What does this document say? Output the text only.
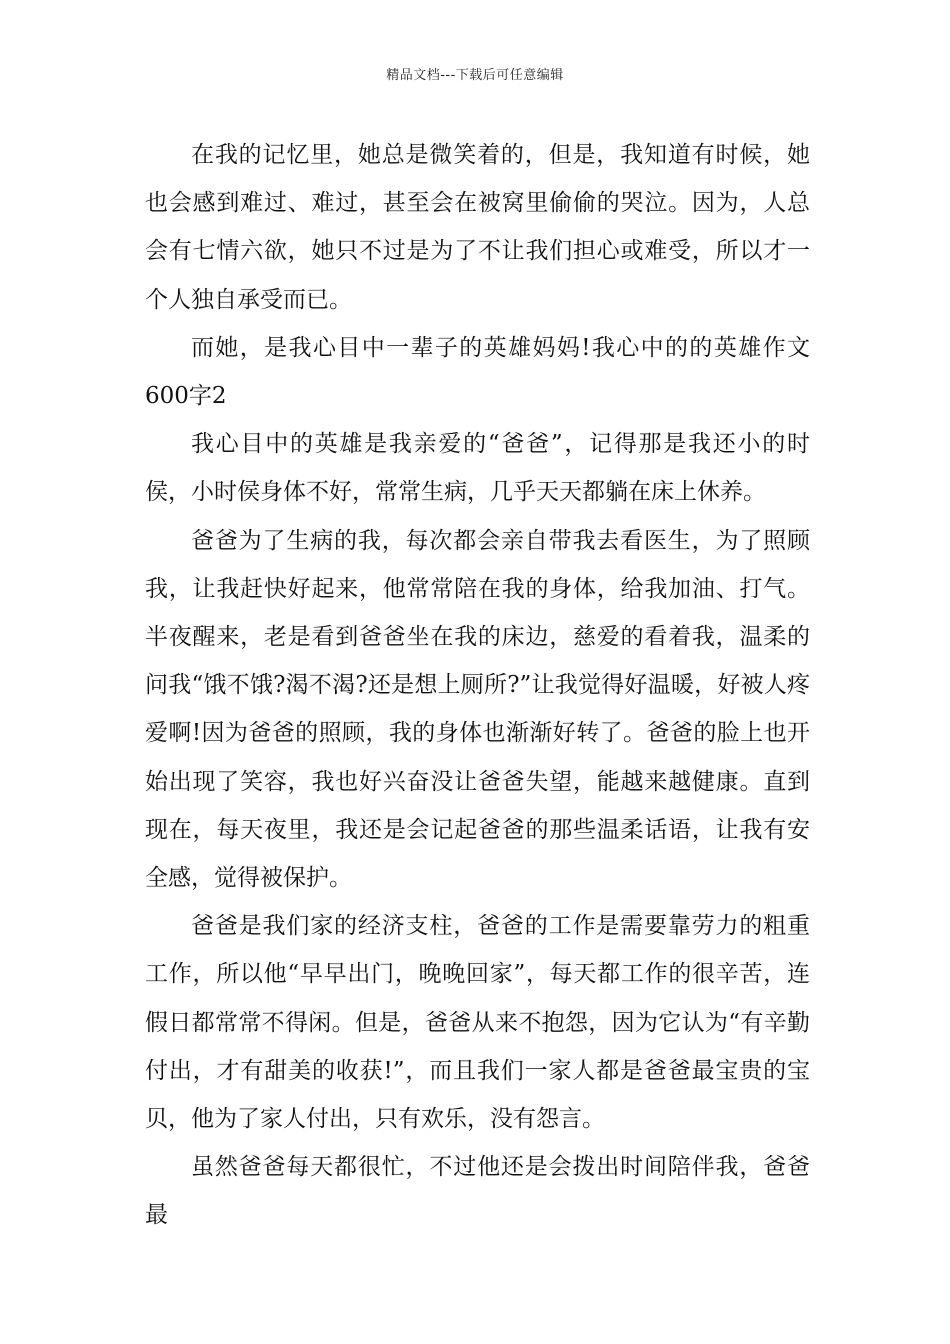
精品文档---下载后可任意编辑

在我的记忆里，她总是微笑着的，但是，我知道有时候，她也会感到难过、难过，甚至会在被窝里偷偷的哭泣。因为，人总会有七情六欲，她只不过是为了不让我们担心或难受，所以才一个人独自承受而已。

而她，是我心目中一辈子的英雄妈妈!我心中的的英雄作文600字2

我心目中的英雄是我亲爱的“爸爸”，记得那是我还小的时侯，小时侯身体不好，常常生病，几乎天天都躺在床上休养。

爸爸为了生病的我，每次都会亲自带我去看医生，为了照顾我，让我赶快好起来，他常常陪在我的身体，给我加油、打气。半夜醒来，老是看到爸爸坐在我的床边，慈爱的看着我，温柔的问我“饿不饿?渴不渴?还是想上厕所?”让我觉得好温暖，好被人疼爱啊!因为爸爸的照顾，我的身体也渐渐好转了。爸爸的脸上也开始出现了笑容，我也好兴奋没让爸爸失望，能越来越健康。直到现在，每天夜里，我还是会记起爸爸的那些温柔话语，让我有安全感，觉得被保护。

爸爸是我们家的经济支柱，爸爸的工作是需要靠劳力的粗重工作，所以他“早早出门，晚晚回家”，每天都工作的很辛苦，连假日都常常不得闲。但是，爸爸从来不抱怨，因为它认为“有辛勤付出，才有甜美的收获!”，而且我们一家人都是爸爸最宝贵的宝贝，他为了家人付出，只有欢乐，没有怨言。

虽然爸爸每天都很忙，不过他还是会拨出时间陪伴我，爸爸最
